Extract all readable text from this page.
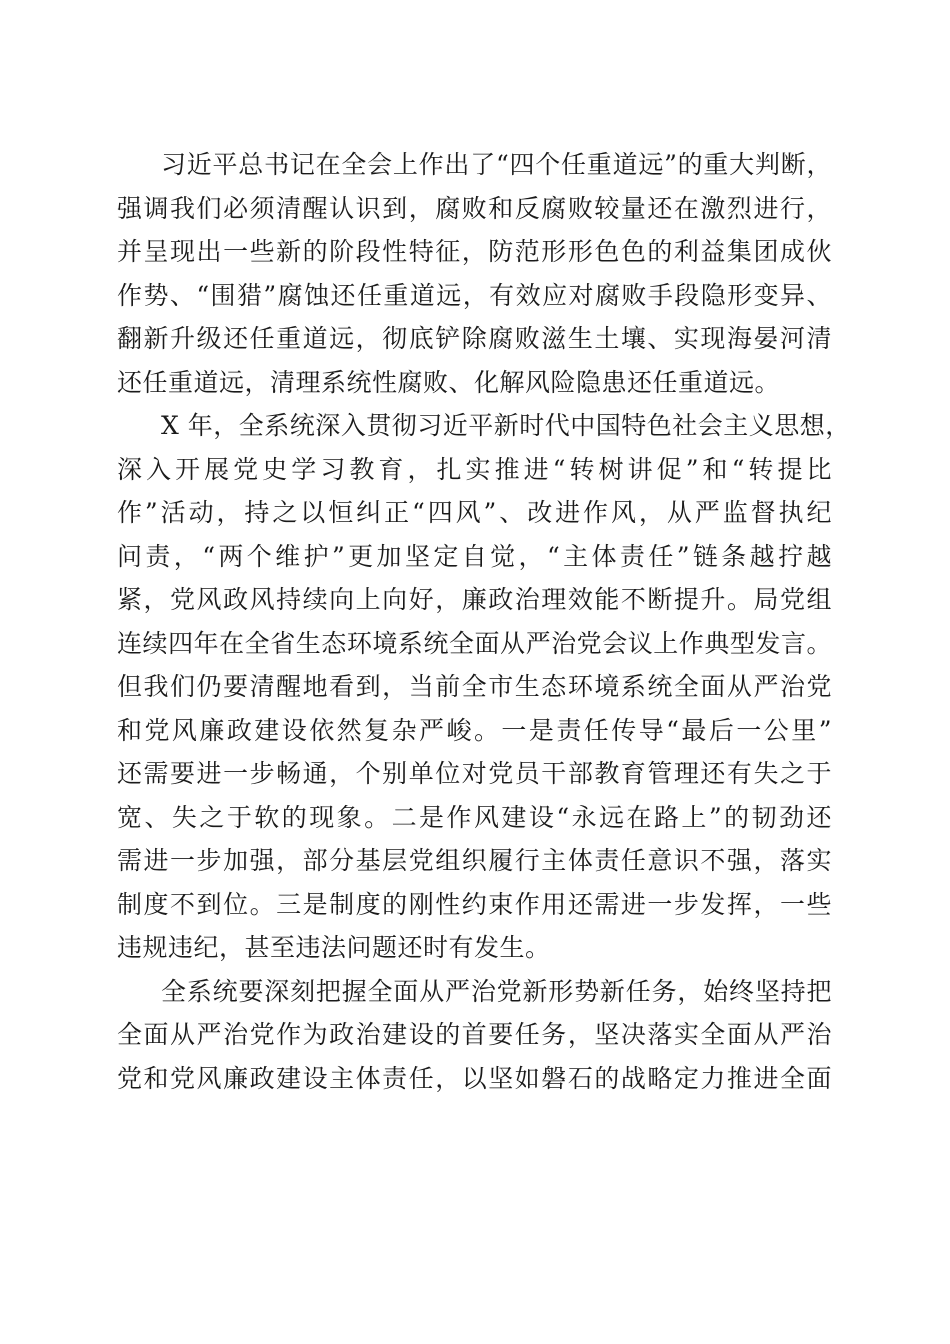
习近平总书记在全会上作出了“四个任重道远”的重大判断，
强调我们必须清醒认识到，腐败和反腐败较量还在激烈进行，
并呈现出一些新的阶段性特征，防范形形色色的利益集团成伙
作势、“围猎”腐蚀还任重道远，有效应对腐败手段隐形变异、
翻新升级还任重道远，彻底铲除腐败滋生土壤、实现海晏河清
还任重道远，清理系统性腐败、化解风险隐患还任重道远。
X 年，全系统深入贯彻习近平新时代中国特色社会主义思想，
深入开展党史学习教育，扎实推进“转树讲促”和“转提比
作”活动，持之以恒纠正“四风”、改进作风，从严监督执纪
问责，“两个维护”更加坚定自觉，“主体责任”链条越拧越
紧，党风政风持续向上向好，廉政治理效能不断提升。局党组
连续四年在全省生态环境系统全面从严治党会议上作典型发言。
但我们仍要清醒地看到，当前全市生态环境系统全面从严治党
和党风廉政建设依然复杂严峻。一是责任传导“最后一公里”
还需要进一步畅通，个别单位对党员干部教育管理还有失之于
宽、失之于软的现象。二是作风建设“永远在路上”的韧劲还
需进一步加强，部分基层党组织履行主体责任意识不强，落实
制度不到位。三是制度的刚性约束作用还需进一步发挥，一些
违规违纪，甚至违法问题还时有发生。
全系统要深刻把握全面从严治党新形势新任务，始终坚持把
全面从严治党作为政治建设的首要任务，坚决落实全面从严治
党和党风廉政建设主体责任，以坚如磐石的战略定力推进全面
